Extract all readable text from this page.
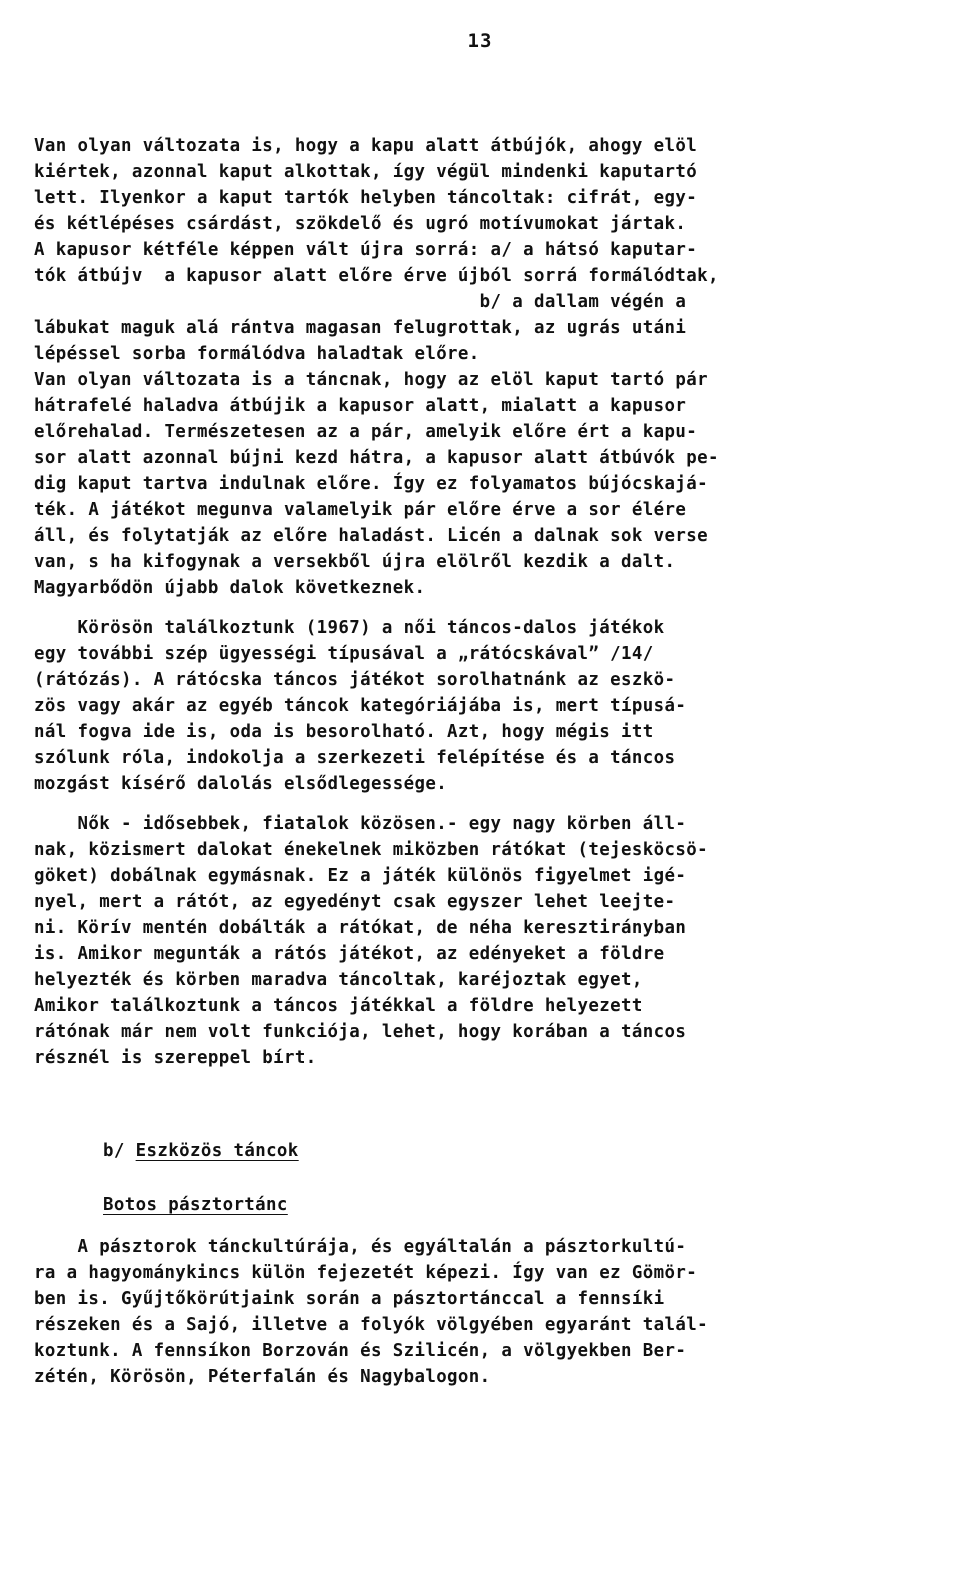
13
Van olyan változata is, hogy a kapu alatt átbújók, ahogy elöl
kiértek, azonnal kaput alkottak, így végül mindenki kaputartó
lett. Ilyenkor a kaput tartók helyben táncoltak: cifrát, egy-
és kétlépéses csárdást, szökdelő és ugró motívumokat jártak.
A kapusor kétféle képpen vált újra sorrá: a/ a hátsó kaputar-
tók átbújv  a kapusor alatt előre érve újból sorrá formálódtak,
b/ a dallam végén a
lábukat maguk alá rántva magasan felugrottak, az ugrás utáni
lépéssel sorba formálódva haladtak előre.
Van olyan változata is a táncnak, hogy az elöl kaput tartó pár
hátrafelé haladva átbújik a kapusor alatt, mialatt a kapusor
előrehalad. Természetesen az a pár, amelyik előre ért a kapu-
sor alatt azonnal bújni kezd hátra, a kapusor alatt átbúvók pe-
dig kaput tartva indulnak előre. Így ez folyamatos bújócskajá-
ték. A játékot megunva valamelyik pár előre érve a sor élére
áll, és folytatják az előre haladást. Licén a dalnak sok verse
van, s ha kifogynak a versekből újra elölről kezdik a dalt.
Magyarbődön újabb dalok következnek.
Körösön találkoztunk (1967) a női táncos-dalos játékok
egy további szép ügyességi típusával a „rátócskával” /14/
(rátózás). A rátócska táncos játékot sorolhatnánk az eszkö-
zös vagy akár az egyéb táncok kategóriájába is, mert típusá-
nál fogva ide is, oda is besorolható. Azt, hogy mégis itt
szólunk róla, indokolja a szerkezeti felépítése és a táncos
mozgást kísérő dalolás elsődlegessége.
Nők - idősebbek, fiatalok közösen.- egy nagy körben áll-
nak, közismert dalokat énekelnek miközben rátókat (tejesköcsö-
göket) dobálnak egymásnak. Ez a játék különös figyelmet igé-
nyel, mert a rátót, az egyedényt csak egyszer lehet leejte-
ni. Körív mentén dobálták a rátókat, de néha keresztirányban
is. Amikor megunták a rátós játékot, az edényeket a földre
helyezték és körben maradva táncoltak, karéjoztak egyet,
Amikor találkoztunk a táncos játékkal a földre helyezett
rátónak már nem volt funkciója, lehet, hogy korában a táncos
résznél is szereppel bírt.
b/ Eszközös táncok
Botos pásztortánc
A pásztorok tánckultúrája, és egyáltalán a pásztorkultú-
ra a hagyománykincs külön fejezetét képezi. Így van ez Gömör-
ben is. Gyűjtőkörútjaink során a pásztortánccal a fennsíki
részeken és a Sajó, illetve a folyók völgyében egyaránt talál-
koztunk. A fennsíkon Borzován és Szilicén, a völgyekben Ber-
zétén, Körösön, Péterfalán és Nagybalogon.
